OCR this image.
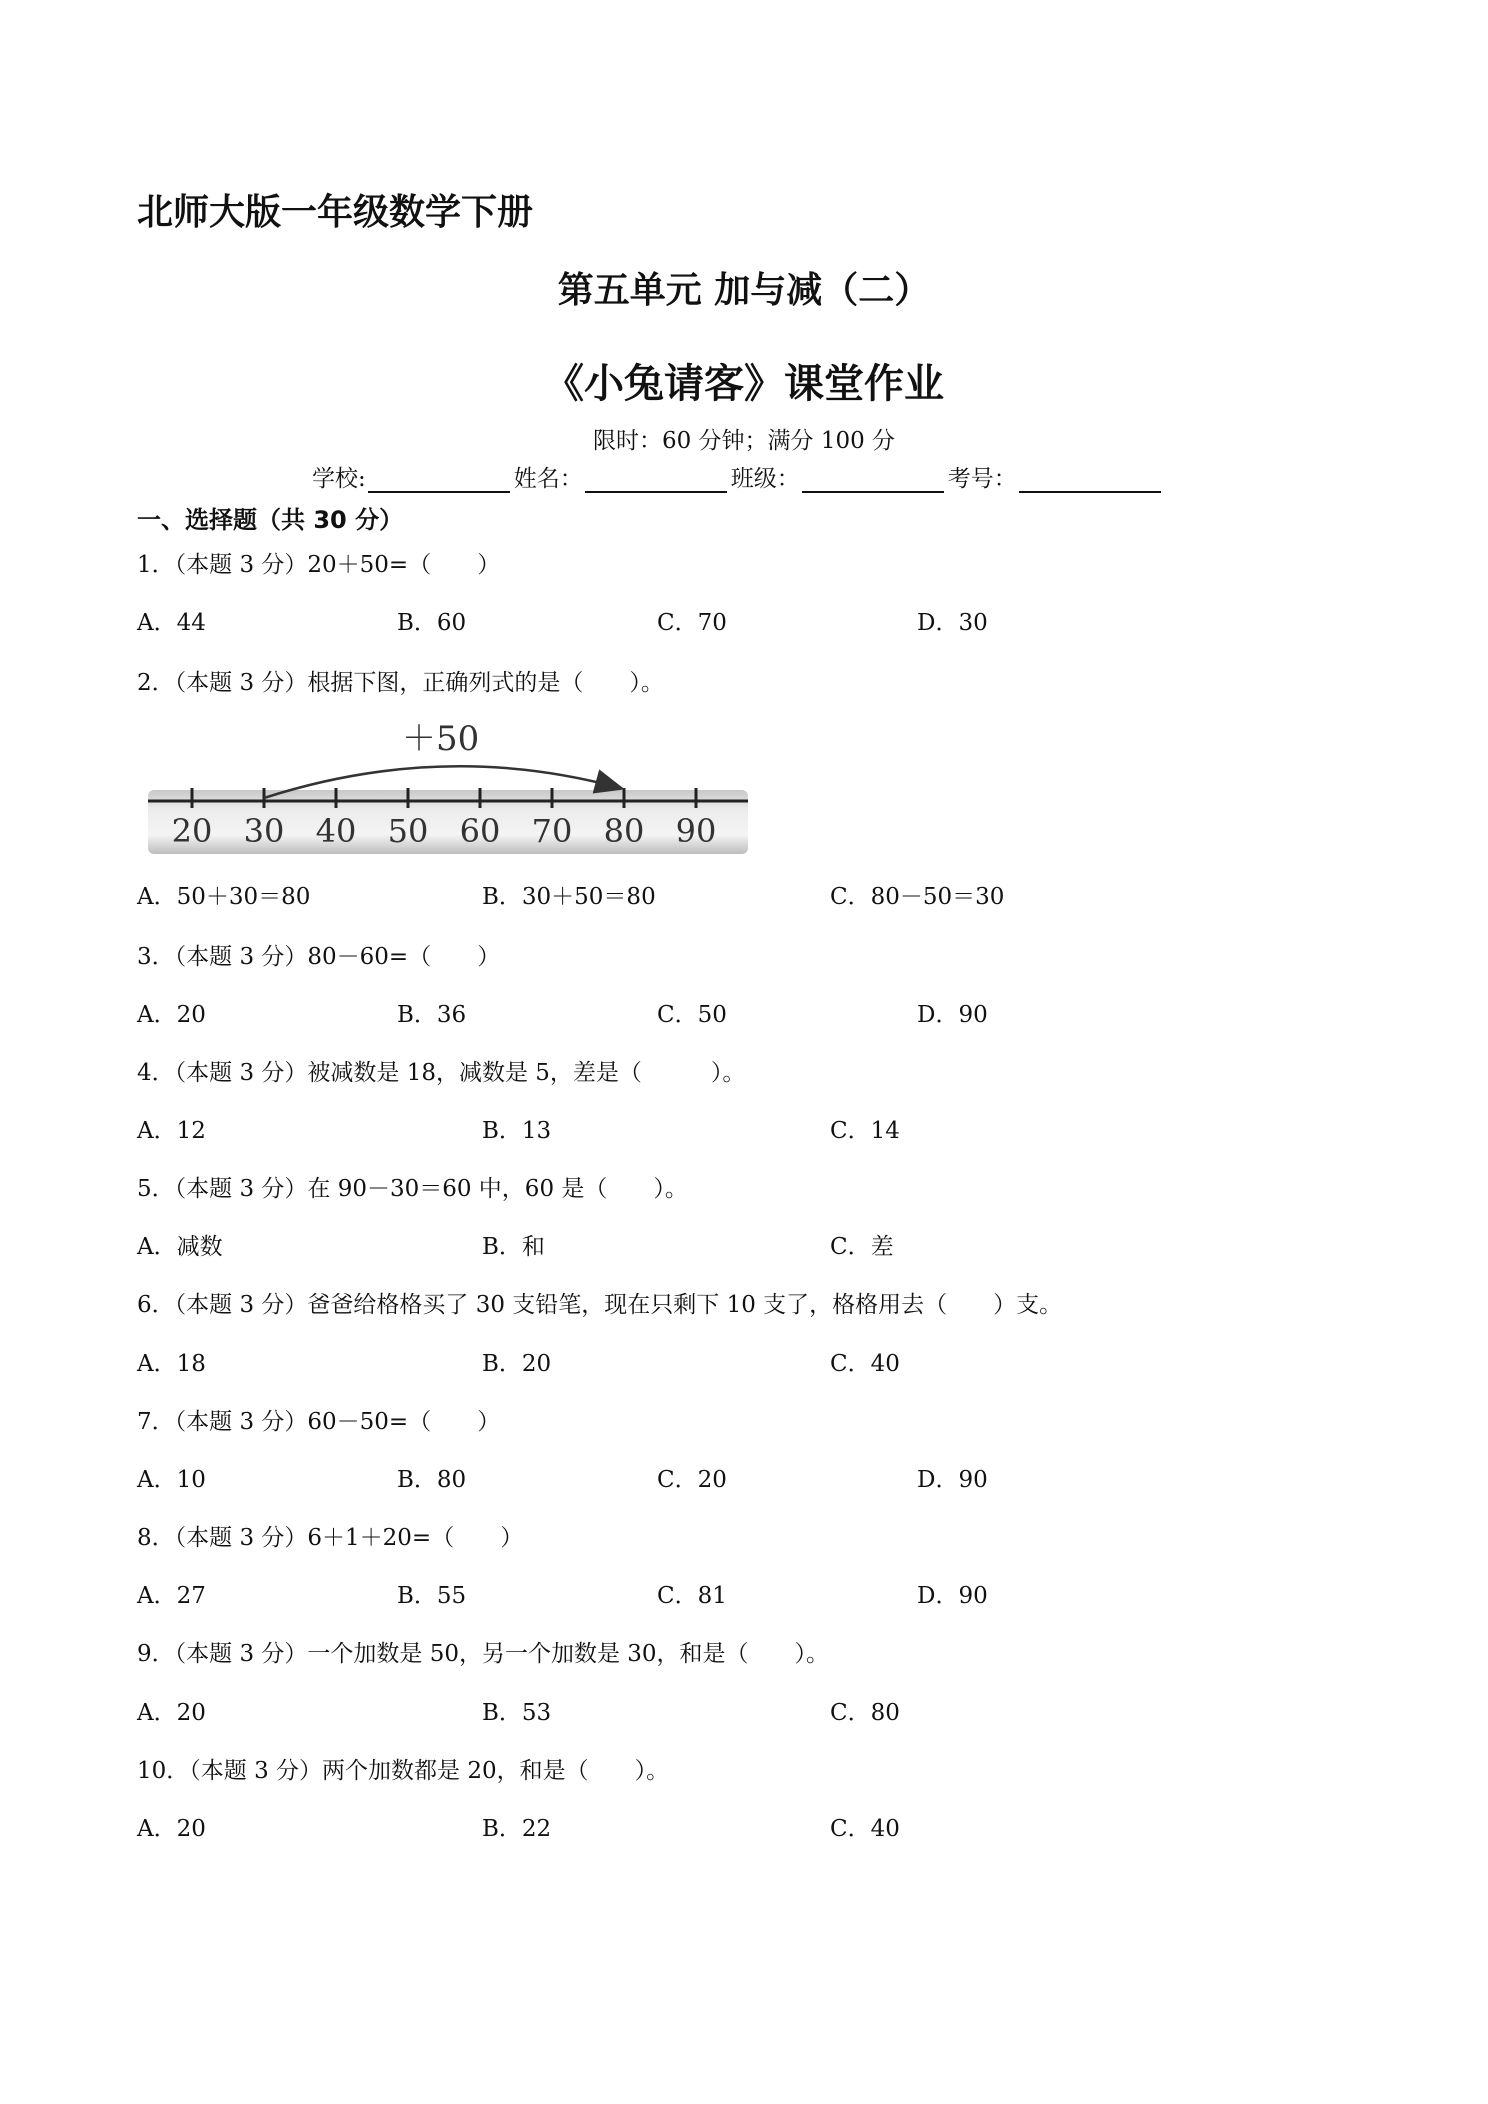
北师大版一年级数学下册
第五单元 加与减（二）
《小兔请客》课堂作业
限时：60 分钟；满分 100 分
学校:	姓名：	班级：	考号：
一、选择题（共 30 分）
1．（本题 3 分）20＋50=（　　）
A．44	B．60	C．70	D．30
2．（本题 3 分）根据下图，正确列式的是（　　）。
20 30 40 50 60 70 80 90
＋50
A．50＋30＝80	B．30＋50＝80	C．80－50＝30
3．（本题 3 分）80－60=（　　）
A．20	B．36	C．50	D．90
4．（本题 3 分）被减数是 18，减数是 5，差是（　　　）。
A．12	B．13	C．14
5．（本题 3 分）在 90－30＝60 中，60 是（　　）。
A．减数	B．和	C．差
6．（本题 3 分）爸爸给格格买了 30 支铅笔，现在只剩下 10 支了，格格用去（　　）支。
A．18	B．20	C．40
7．（本题 3 分）60－50=（　　）
A．10	B．80	C．20	D．90
8．（本题 3 分）6＋1＋20=（　　）
A．27	B．55	C．81	D．90
9．（本题 3 分）一个加数是 50，另一个加数是 30，和是（　　）。
A．20	B．53	C．80
10．（本题 3 分）两个加数都是 20，和是（　　）。
A．20	B．22	C．40
